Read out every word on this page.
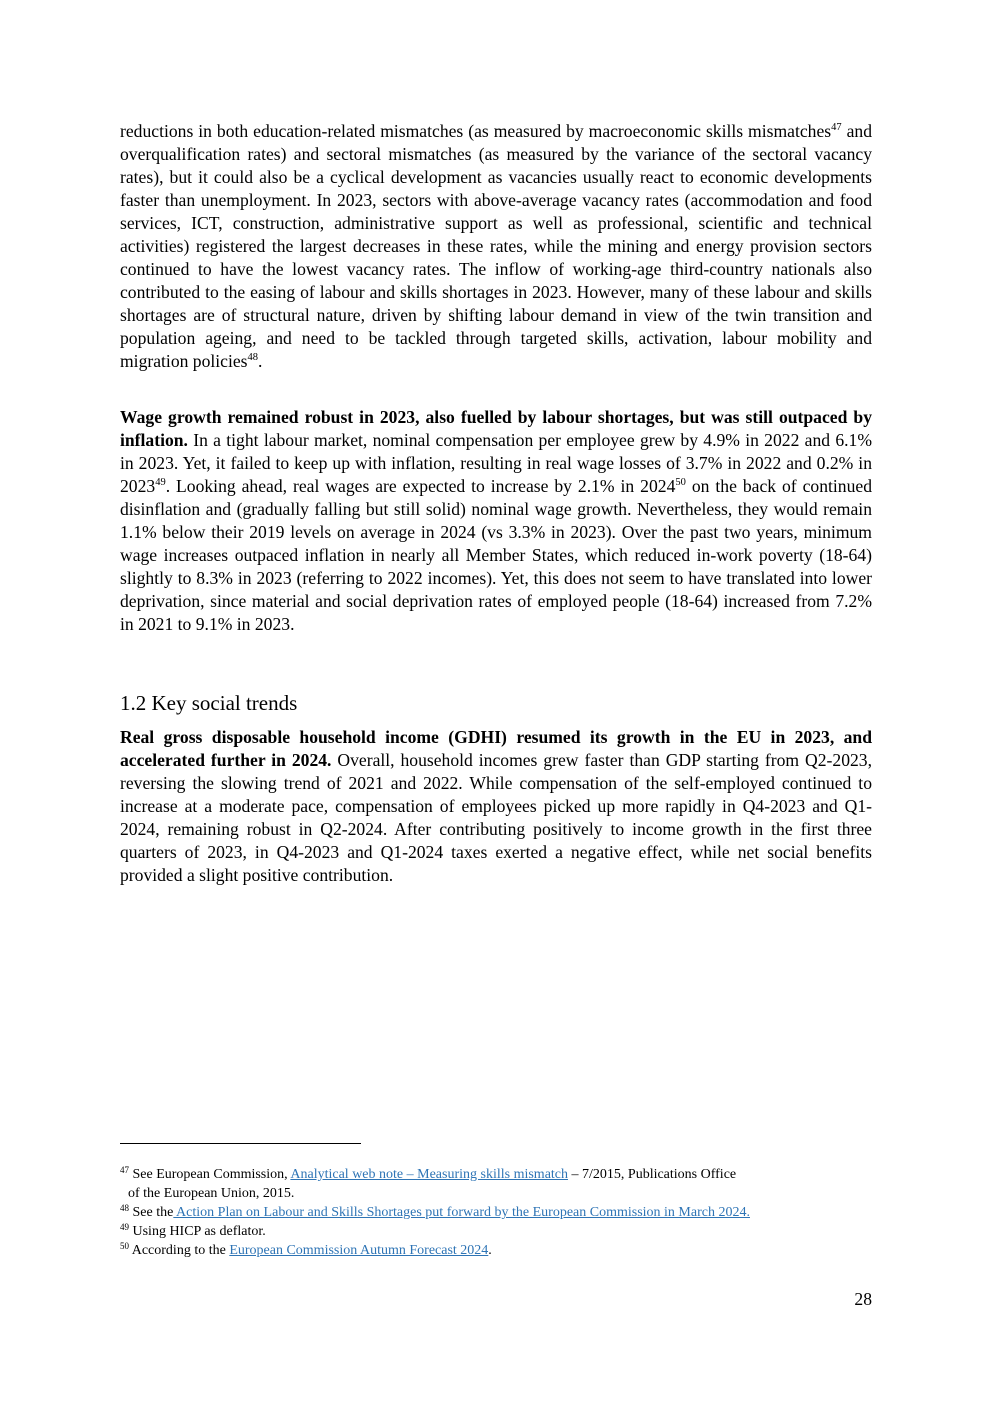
reductions in both education-related mismatches (as measured by macroeconomic skills mismatches$^{47}$ and overqualification rates) and sectoral mismatches (as measured by the variance of the sectoral vacancy rates), but it could also be a cyclical development as vacancies usually react to economic developments faster than unemployment. In 2023, sectors with above-average vacancy rates (accommodation and food services, ICT, construction, administrative support as well as professional, scientific and technical activities) registered the largest decreases in these rates, while the mining and energy provision sectors continued to have the lowest vacancy rates. The inflow of working-age third-country nationals also contributed to the easing of labour and skills shortages in 2023. However, many of these labour and skills shortages are of structural nature, driven by shifting labour demand in view of the twin transition and population ageing, and need to be tackled through targeted skills, activation, labour mobility and migration policies$^{48}$.

Wage growth remained robust in 2023, also fuelled by labour shortages, but was still outpaced by inflation. In a tight labour market, nominal compensation per employee grew by 4.9% in 2022 and 6.1% in 2023. Yet, it failed to keep up with inflation, resulting in real wage losses of 3.7% in 2022 and 0.2% in 2023$^{49}$. Looking ahead, real wages are expected to increase by 2.1% in 2024$^{50}$ on the back of continued disinflation and (gradually falling but still solid) nominal wage growth. Nevertheless, they would remain 1.1% below their 2019 levels on average in 2024 (vs 3.3% in 2023). Over the past two years, minimum wage increases outpaced inflation in nearly all Member States, which reduced in-work poverty (18-64) slightly to 8.3% in 2023 (referring to 2022 incomes). Yet, this does not seem to have translated into lower deprivation, since material and social deprivation rates of employed people (18-64) increased from 7.2% in 2021 to 9.1% in 2023.

1.2 Key social trends

Real gross disposable household income (GDHI) resumed its growth in the EU in 2023, and accelerated further in 2024. Overall, household incomes grew faster than GDP starting from Q2-2023, reversing the slowing trend of 2021 and 2022. While compensation of the self-employed continued to increase at a moderate pace, compensation of employees picked up more rapidly in Q4-2023 and Q1-2024, remaining robust in Q2-2024. After contributing positively to income growth in the first three quarters of 2023, in Q4-2023 and Q1-2024 taxes exerted a negative effect, while net social benefits provided a slight positive contribution.

$^{47}$ See European Commission, Analytical web note – Measuring skills mismatch – 7/2015, Publications Office
of the European Union, 2015.
$^{48}$ See the Action Plan on Labour and Skills Shortages put forward by the European Commission in March 2024.
$^{49}$ Using HICP as deflator.
$^{50}$ According to the European Commission Autumn Forecast 2024.
28
